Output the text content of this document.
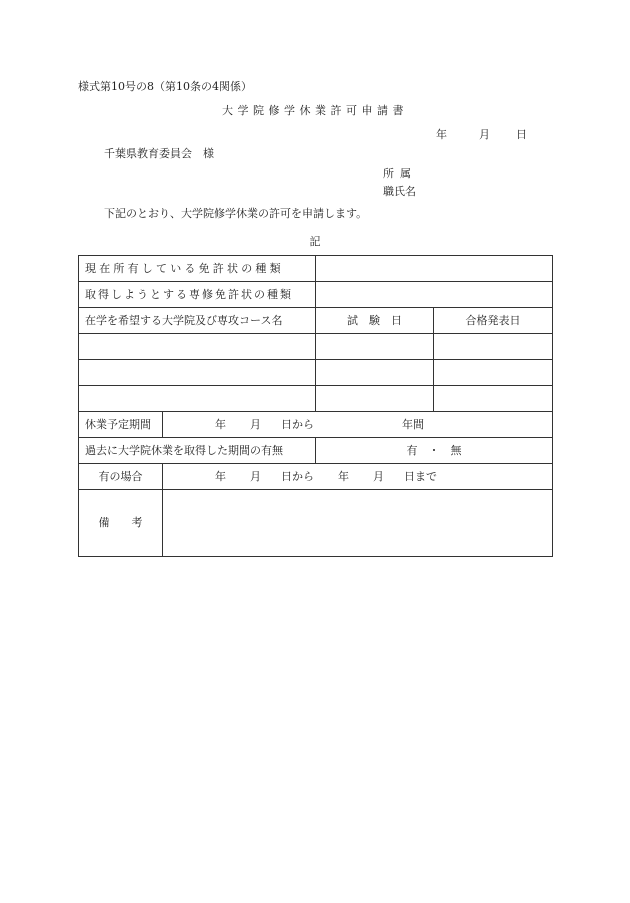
様式第10号の8（第10条の4関係）
大学院修学休業許可申請書
年	月 日
千葉県教育委員会　様
所属
職氏名
下記のとおり、大学院修学休業の許可を申請します。
記
現在所有している免許状の種類			
取得しようとする専修免許状の種類			
在学を希望する大学院及び専攻コース名		試　験　日	合格発表日

休業予定期間	年 月 日から 年間		
過去に大学院休業を取得した期間の有無		有　・　無	
有の場合	年 月 日から 年 月 日まで		
備　　考			
